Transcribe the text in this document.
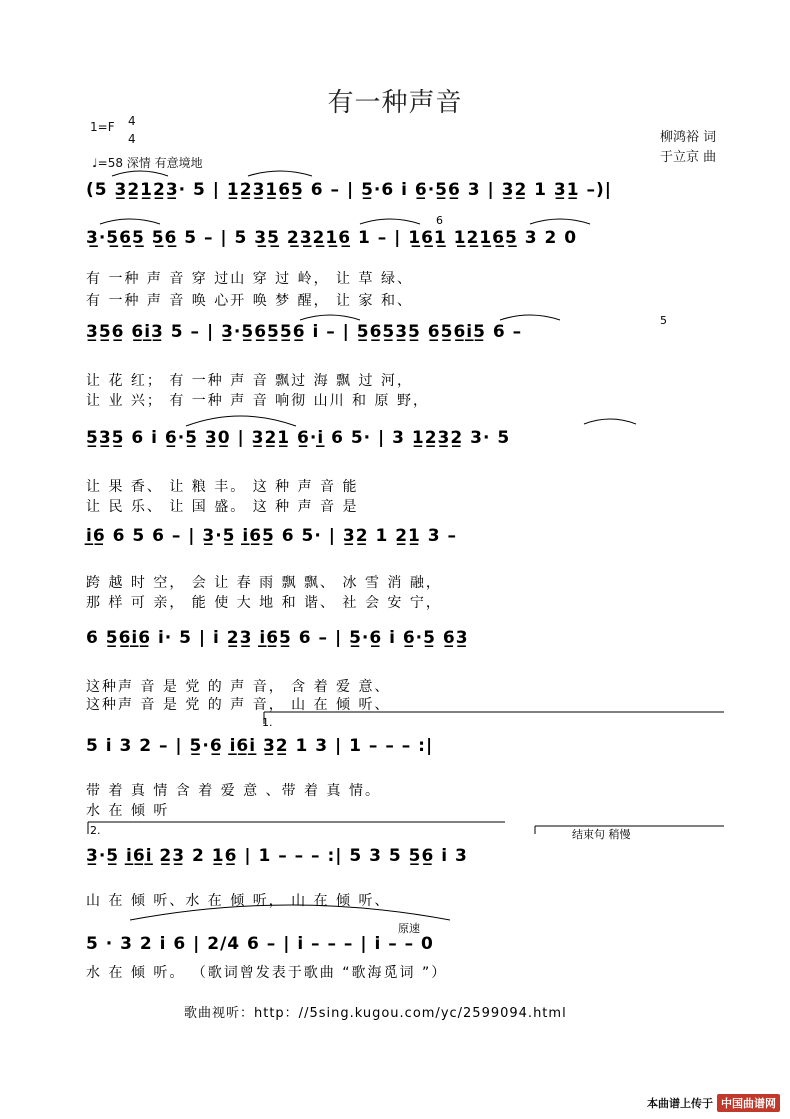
有一种声音
1=F 4
4
♩=58 深情 有意境地
柳鸿裕 词
于立京 曲
(5 3̲2̲1̲2̲3̲· 5 | 1̲2̲3̲1̲6̲5̲ 6 – | 5̲·6 i 6̲·5̲6̲ 3 | 3̲2̲ 1 3̲1̲ –)|
3̲·5̲6̲5̲ 5̲6̲ 5 – | 5 3̲5̲ 2̲3̲2̲1̲6̲ 1 – | 1̲6̲1̲ 1̲2̲1̲6̲5̲ 3 2 0
有 一种 声 音 穿 过山 穿 过 岭， 让 草 绿、
有 一种 声 音 唤 心开 唤 梦 醒， 让 家 和、
3̲5̲6̲ 6̲i̲3̲ 5 – | 3̲·5̲6̲5̲5̲6̲ i – | 5̲6̲5̲3̲5̲ 6̲5̲6̲i̲5̲ 6 –
让 花 红； 有 一种 声 音 飘过 海 飘 过 河，
让 业 兴； 有 一种 声 音 响彻 山川 和 原 野，
5̲3̲5̲ 6 i 6̲·5̲ 3̲0̲ | 3̲2̲1̲ 6̲·i̲ 6 5· | 3 1̲2̲3̲2̲ 3· 5
让 果 香、 让 粮 丰。 这 种 声 音 能
让 民 乐、 让 国 盛。 这 种 声 音 是
i̲6̲ 6 5 6 – | 3̲·5̲ i̲6̲5̲ 6 5· | 3̲2̲ 1 2̲1̲ 3 –
跨 越 时 空， 会 让 春 雨 飘 飘、 冰 雪 消 融，
那 样 可 亲， 能 使 大 地 和 谐、 社 会 安 宁，
6 5̲6̲i̲6̲ i· 5 | i 2̲3̲ i̲6̲5̲ 6 – | 5̲·6̲ i 6̲·5̲ 6̲3̲
这种声 音 是 党 的 声 音， 含 着 爱 意、
这种声 音 是 党 的 声 音， 山 在 倾 听、
1.
5 i 3 2 – | 5̲·6̲ i̲6̲i̲ 3̲2̲ 1 3 | 1 – – – :|
带 着 真 情 含 着 爱 意 、带 着 真 情。
水 在 倾 听
2.	结束句 稍慢
3̲·5̲ i̲6̲i̲ 2̲3̲ 2 1̲6̲ | 1 – – – :| 5 3 5 5̲6̲ i 3
山 在 倾 听、水 在 倾 听， 山 在 倾 听、
原速
5 · 3 2 i 6 | 2/4 6 – | i – – – | i – – 0
水 在 倾 听。 （歌词曾发表于歌曲 “歌海觅词 ”）
6
5
歌曲视听：http：//5sing.kugou.com/yc/2599094.html
本曲谱上传于 中国曲谱网
